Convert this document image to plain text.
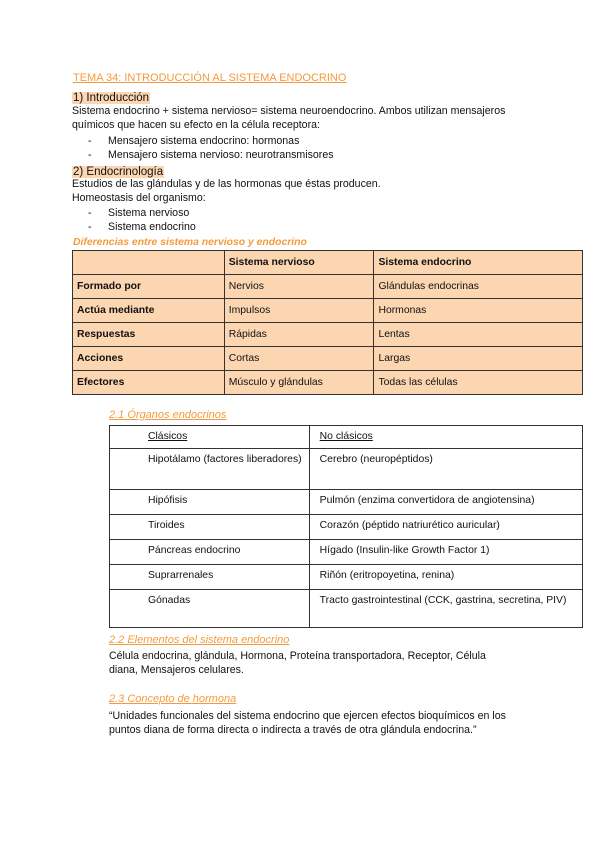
TEMA 34: INTRODUCCIÓN AL SISTEMA ENDOCRINO
1) Introducción
Sistema endocrino + sistema nervioso= sistema neuroendocrino. Ambos utilizan mensajeros
químicos que hacen su efecto en la célula receptora:
- Mensajero sistema endocrino: hormonas
- Mensajero sistema nervioso: neurotransmisores
2) Endocrinología
Estudios de las glándulas y de las hormonas que éstas producen.
Homeostasis del organismo:
- Sistema nervioso
- Sistema endocrino
Diferencias entre sistema nervioso y endocrino
	Sistema nervioso	Sistema endocrino
Formado por	Nervios	Glándulas endocrinas
Actúa mediante	Impulsos	Hormonas
Respuestas	Rápidas	Lentas
Acciones	Cortas	Largas
Efectores	Músculo y glándulas	Todas las células
2.1 Órganos endocrinos
Clásicos	No clásicos
Hipotálamo (factores liberadores)	Cerebro (neuropéptidos)
Hipófisis	Pulmón (enzima convertidora de angiotensina)
Tiroides	Corazón (péptido natriurético auricular)
Páncreas endocrino	Hígado (Insulin-like Growth Factor 1)
Suprarrenales	Riñón (eritropoyetina, renina)
Gónadas	Tracto gastrointestinal (CCK, gastrina, secretina, PIV)
2.2 Elementos del sistema endocrino
Célula endocrina, glándula, Hormona, Proteína transportadora, Receptor, Célula
diana, Mensajeros celulares.
2.3 Concepto de hormona
“Unidades funcionales del sistema endocrino que ejercen efectos bioquímicos en los
puntos diana de forma directa o indirecta a través de otra glándula endocrina.”
